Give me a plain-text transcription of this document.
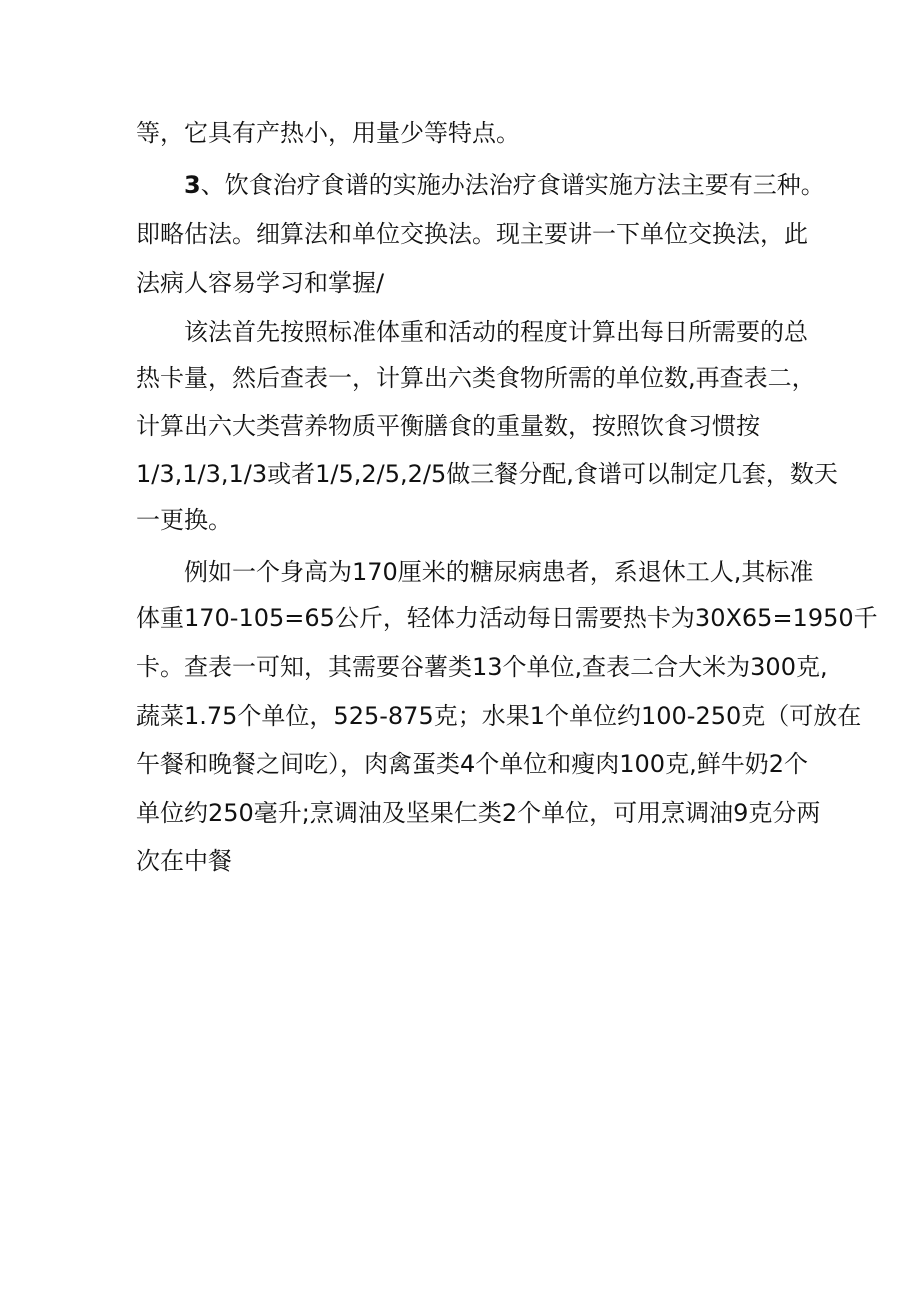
等，它具有产热小，用量少等特点。
3、饮食治疗食谱的实施办法治疗食谱实施方法主要有三种。
即略估法。细算法和单位交换法。现主要讲一下单位交换法，此
法病人容易学习和掌握/
该法首先按照标准体重和活动的程度计算出每日所需要的总
热卡量，然后查表一，计算出六类食物所需的单位数,再查表二，
计算出六大类营养物质平衡膳食的重量数，按照饮食习惯按
1/3,1/3,1/3或者1/5,2/5,2/5做三餐分配,食谱可以制定几套，数天
一更换。
例如一个身高为170厘米的糖尿病患者，系退休工人,其标准
体重170-105=65公斤，轻体力活动每日需要热卡为30X65=1950千
卡。查表一可知，其需要谷薯类13个单位,查表二合大米为300克,
蔬菜1.75个单位，525-875克；水果1个单位约100-250克（可放在
午餐和晚餐之间吃），肉禽蛋类4个单位和瘦肉100克,鲜牛奶2个
单位约250毫升;烹调油及坚果仁类2个单位，可用烹调油9克分两
次在中餐
